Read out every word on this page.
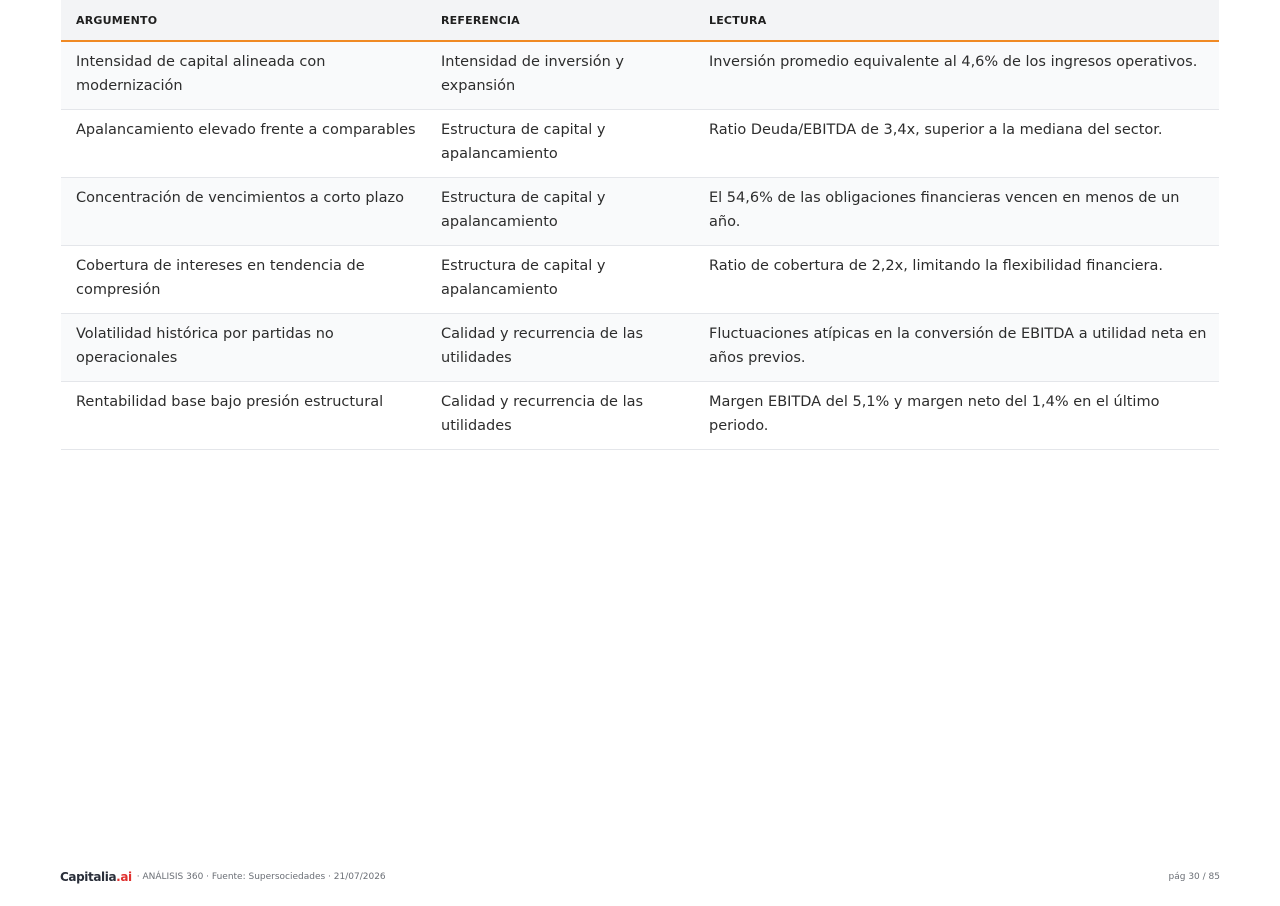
ARGUMENTO	REFERENCIA	LECTURA
Intensidad de capital alineada con modernización	Intensidad de inversión y expansión	Inversión promedio equivalente al 4,6% de los ingresos operativos.
Apalancamiento elevado frente a comparables	Estructura de capital y apalancamiento	Ratio Deuda/EBITDA de 3,4x, superior a la mediana del sector.
Concentración de vencimientos a corto plazo	Estructura de capital y apalancamiento	El 54,6% de las obligaciones financieras vencen en menos de un año.
Cobertura de intereses en tendencia de compresión	Estructura de capital y apalancamiento	Ratio de cobertura de 2,2x, limitando la flexibilidad financiera.
Volatilidad histórica por partidas no operacionales	Calidad y recurrencia de las utilidades	Fluctuaciones atípicas en la conversión de EBITDA a utilidad neta en años previos.
Rentabilidad base bajo presión estructural	Calidad y recurrencia de las utilidades	Margen EBITDA del 5,1% y margen neto del 1,4% en el último periodo.
Capitalia.ai · ANÁLISIS 360 · Fuente: Supersociedades · 21/07/2026	pág 30 / 85
